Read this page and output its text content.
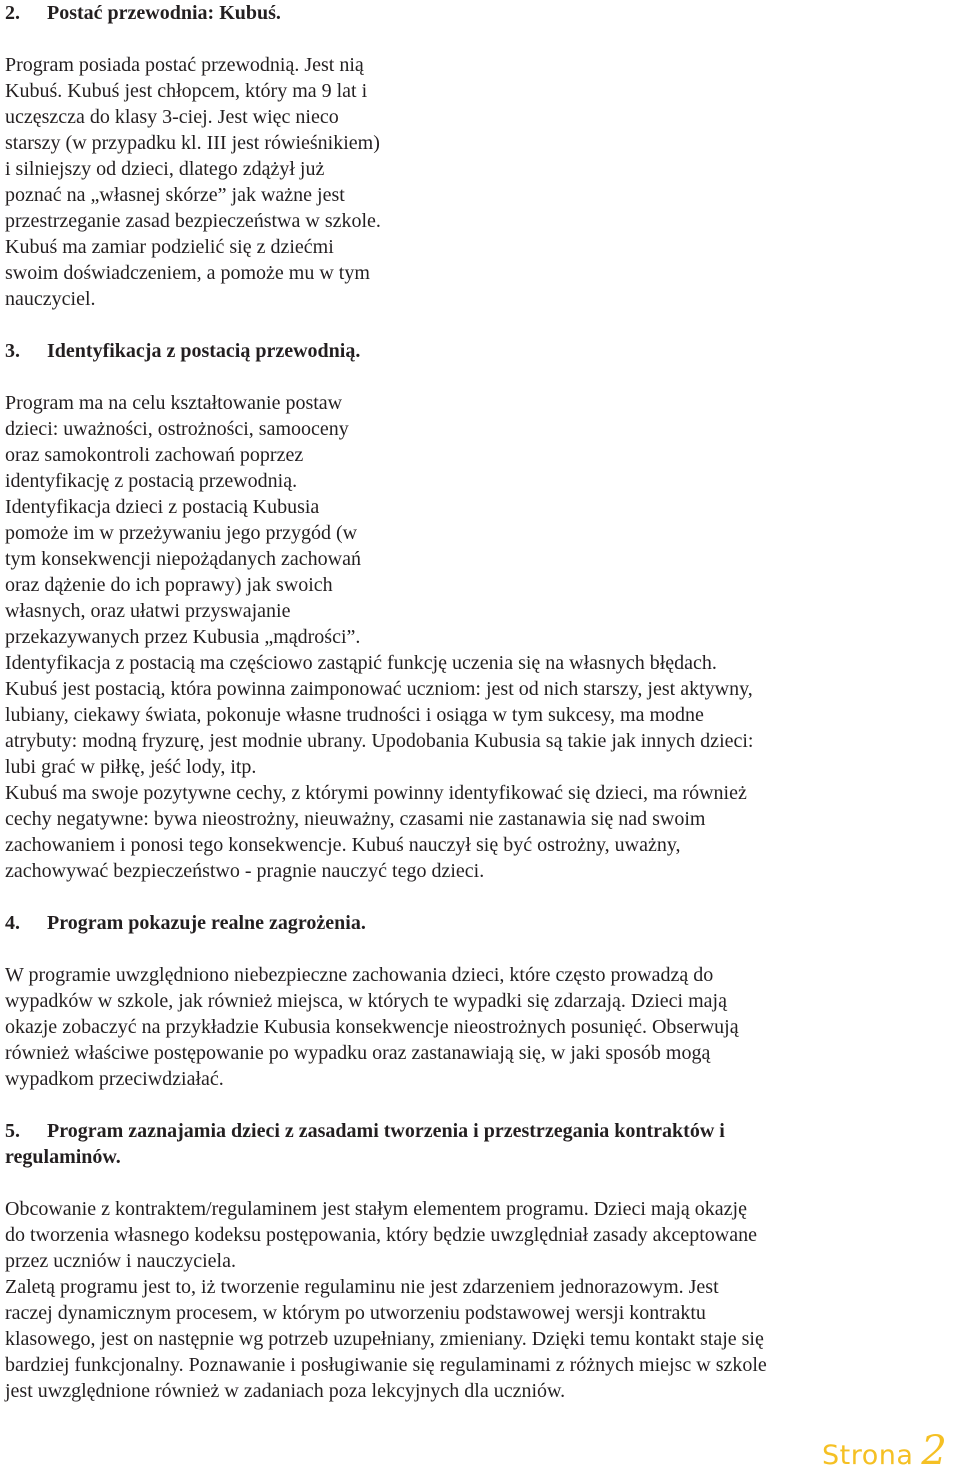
2. Postać przewodnia: Kubuś.

Program posiada postać przewodnią. Jest nią

Kubuś. Kubuś jest chłopcem, który ma 9 lat i

uczęszcza do klasy 3-ciej. Jest więc nieco

starszy (w przypadku kl. III jest rówieśnikiem)

i silniejszy od dzieci, dlatego zdążył już

poznać na „własnej skórze” jak ważne jest

przestrzeganie zasad bezpieczeństwa w szkole.

Kubuś ma zamiar podzielić się z dziećmi

swoim doświadczeniem, a pomoże mu w tym

nauczyciel.

3. Identyfikacja z postacią przewodnią.

Program ma na celu kształtowanie postaw

dzieci: uważności, ostrożności, samooceny

oraz samokontroli zachowań poprzez

identyfikację z postacią przewodnią.

Identyfikacja dzieci z postacią Kubusia

pomoże im w przeżywaniu jego przygód (w

tym konsekwencji niepożądanych zachowań

oraz dążenie do ich poprawy) jak swoich

własnych, oraz ułatwi przyswajanie

przekazywanych przez Kubusia „mądrości”.

Identyfikacja z postacią ma częściowo zastąpić funkcję uczenia się na własnych błędach.

Kubuś jest postacią, która powinna zaimponować uczniom: jest od nich starszy, jest aktywny,

lubiany, ciekawy świata, pokonuje własne trudności i osiąga w tym sukcesy, ma modne

atrybuty: modną fryzurę, jest modnie ubrany. Upodobania Kubusia są takie jak innych dzieci:

lubi grać w piłkę, jeść lody, itp.

Kubuś ma swoje pozytywne cechy, z którymi powinny identyfikować się dzieci, ma również

cechy negatywne: bywa nieostrożny, nieuważny, czasami nie zastanawia się nad swoim

zachowaniem i ponosi tego konsekwencje. Kubuś nauczył się być ostrożny, uważny,

zachowywać bezpieczeństwo - pragnie nauczyć tego dzieci.

4. Program pokazuje realne zagrożenia.

W programie uwzględniono niebezpieczne zachowania dzieci, które często prowadzą do

wypadków w szkole, jak również miejsca, w których te wypadki się zdarzają. Dzieci mają

okazje zobaczyć na przykładzie Kubusia konsekwencje nieostrożnych posunięć. Obserwują

również właściwe postępowanie po wypadku oraz zastanawiają się, w jaki sposób mogą

wypadkom przeciwdziałać.

5. Program zaznajamia dzieci z zasadami tworzenia i przestrzegania kontraktów i
regulaminów.

Obcowanie z kontraktem/regulaminem jest stałym elementem programu. Dzieci mają okazję

do tworzenia własnego kodeksu postępowania, który będzie uwzględniał zasady akceptowane

przez uczniów i nauczyciela.

Zaletą programu jest to, iż tworzenie regulaminu nie jest zdarzeniem jednorazowym. Jest

raczej dynamicznym procesem, w którym po utworzeniu podstawowej wersji kontraktu

klasowego, jest on następnie wg potrzeb uzupełniany, zmieniany. Dzięki temu kontakt staje się

bardziej funkcjonalny. Poznawanie i posługiwanie się regulaminami z różnych miejsc w szkole

jest uwzględnione również w zadaniach poza lekcyjnych dla uczniów.

Strona 2
